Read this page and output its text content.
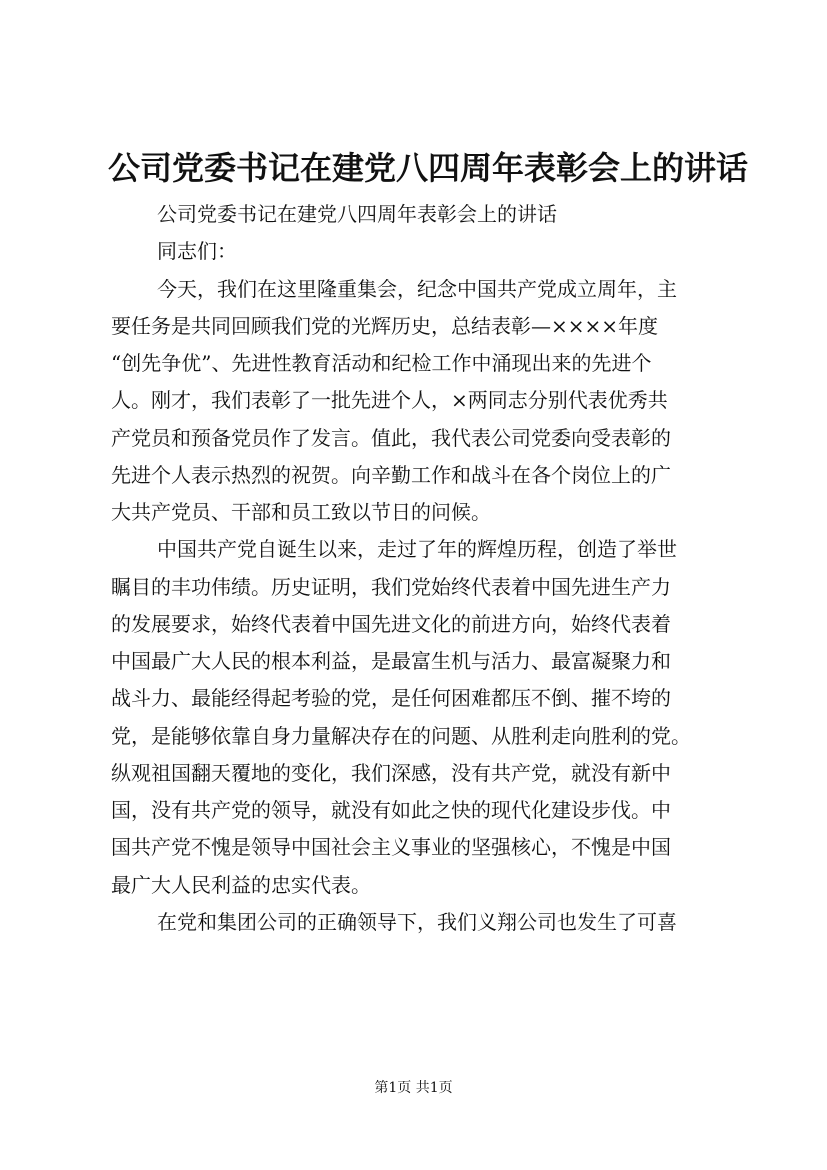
公司党委书记在建党八四周年表彰会上的讲话
公司党委书记在建党八四周年表彰会上的讲话
同志们：
今天，我们在这里隆重集会，纪念中国共产党成立周年，主
要任务是共同回顾我们党的光辉历史，总结表彰—××××年度
“创先争优”、先进性教育活动和纪检工作中涌现出来的先进个
人。刚才，我们表彰了一批先进个人，×两同志分别代表优秀共
产党员和预备党员作了发言。值此，我代表公司党委向受表彰的
先进个人表示热烈的祝贺。向辛勤工作和战斗在各个岗位上的广
大共产党员、干部和员工致以节日的问候。
中国共产党自诞生以来，走过了年的辉煌历程，创造了举世
瞩目的丰功伟绩。历史证明，我们党始终代表着中国先进生产力
的发展要求，始终代表着中国先进文化的前进方向，始终代表着
中国最广大人民的根本利益，是最富生机与活力、最富凝聚力和
战斗力、最能经得起考验的党，是任何困难都压不倒、摧不垮的
党，是能够依靠自身力量解决存在的问题、从胜利走向胜利的党。
纵观祖国翻天覆地的变化，我们深感，没有共产党，就没有新中
国，没有共产党的领导，就没有如此之快的现代化建设步伐。中
国共产党不愧是领导中国社会主义事业的坚强核心，不愧是中国
最广大人民利益的忠实代表。
在党和集团公司的正确领导下，我们义翔公司也发生了可喜
第1页 共1页
